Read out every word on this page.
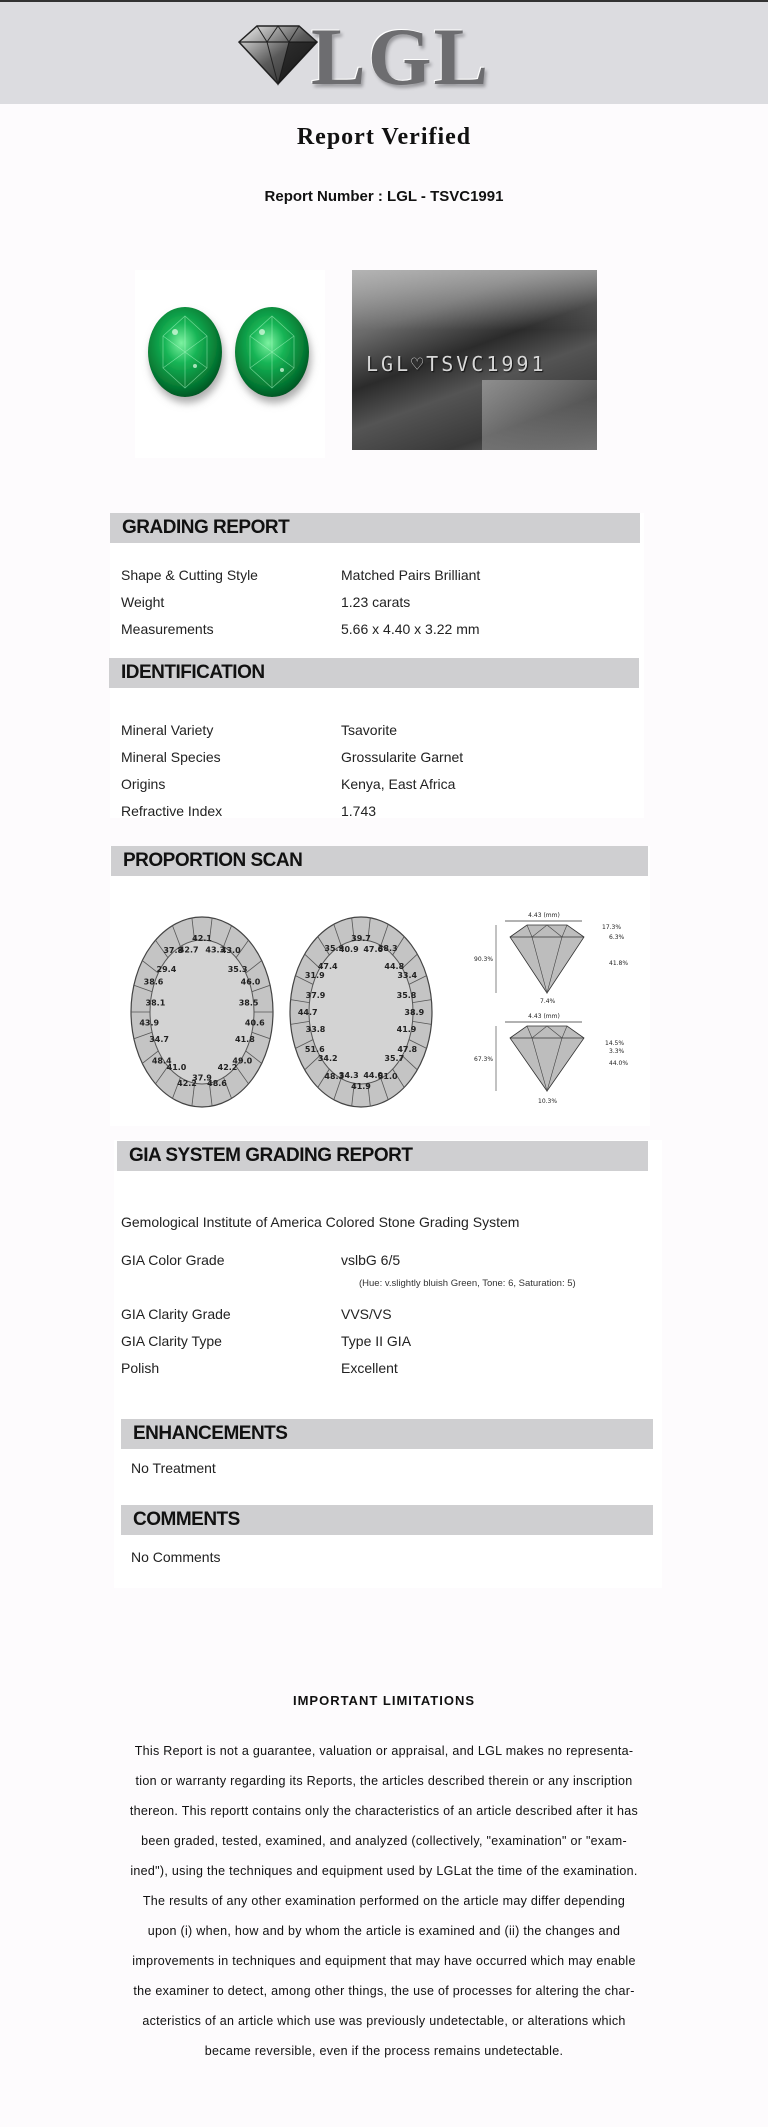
LGL
Report Verified
Report Number : LGL - TSVC1991
LGL♡TSVC1991
GRADING REPORT
Shape & Cutting Style	Matched Pairs Brilliant
Weight	1.23 carats
Measurements	5.66 x 4.40 x 3.22 mm
IDENTIFICATION
Mineral Variety	Tsavorite
Mineral Species	Grossularite Garnet
Origins	Kenya, East Africa
Refractive Index	1.743
PROPORTION SCAN
42.1
43.3
43.0
35.3
46.0
38.5
40.6
41.8
49.0
42.2
48.6
37.9
42.2
41.0
48.4
34.7
43.9
38.1
38.6
29.4
37.8
42.7
39.7
47.6
38.3
44.8
33.4
35.8
38.9
41.9
47.8
35.7
51.0
44.0
41.9
34.3
48.3
34.2
51.6
33.8
44.7
37.9
31.9
47.4
35.9
40.9
4.43 (mm)
90.3%
17.3%
6.3%
41.8%
7.4%
4.43 (mm)
67.3%
14.5%
3.3%
44.0%
10.3%
GIA SYSTEM GRADING REPORT
Gemological Institute of America Colored Stone Grading System
GIA Color Grade	vslbG 6/5
(Hue: v.slightly bluish Green, Tone: 6, Saturation: 5)
GIA Clarity Grade	VVS/VS
GIA Clarity Type	Type II GIA
Polish	Excellent
ENHANCEMENTS
No Treatment
COMMENTS
No Comments
IMPORTANT LIMITATIONS
This Report is not a guarantee, valuation or appraisal, and LGL makes no representa-
tion or warranty regarding its Reports, the articles described therein or any inscription
thereon. This reportt contains only the characteristics of an article described after it has
been graded, tested, examined, and analyzed (collectively, "examination" or "exam-
ined"), using the techniques and equipment used by LGLat the time of the examination.
The results of any other examination performed on the article may differ depending
upon (i) when, how and by whom the article is examined and (ii) the changes and
improvements in techniques and equipment that may have occurred which may enable
the examiner to detect, among other things, the use of processes for altering the char-
acteristics of an article which use was previously undetectable, or alterations which
became reversible, even if the process remains undetectable.
